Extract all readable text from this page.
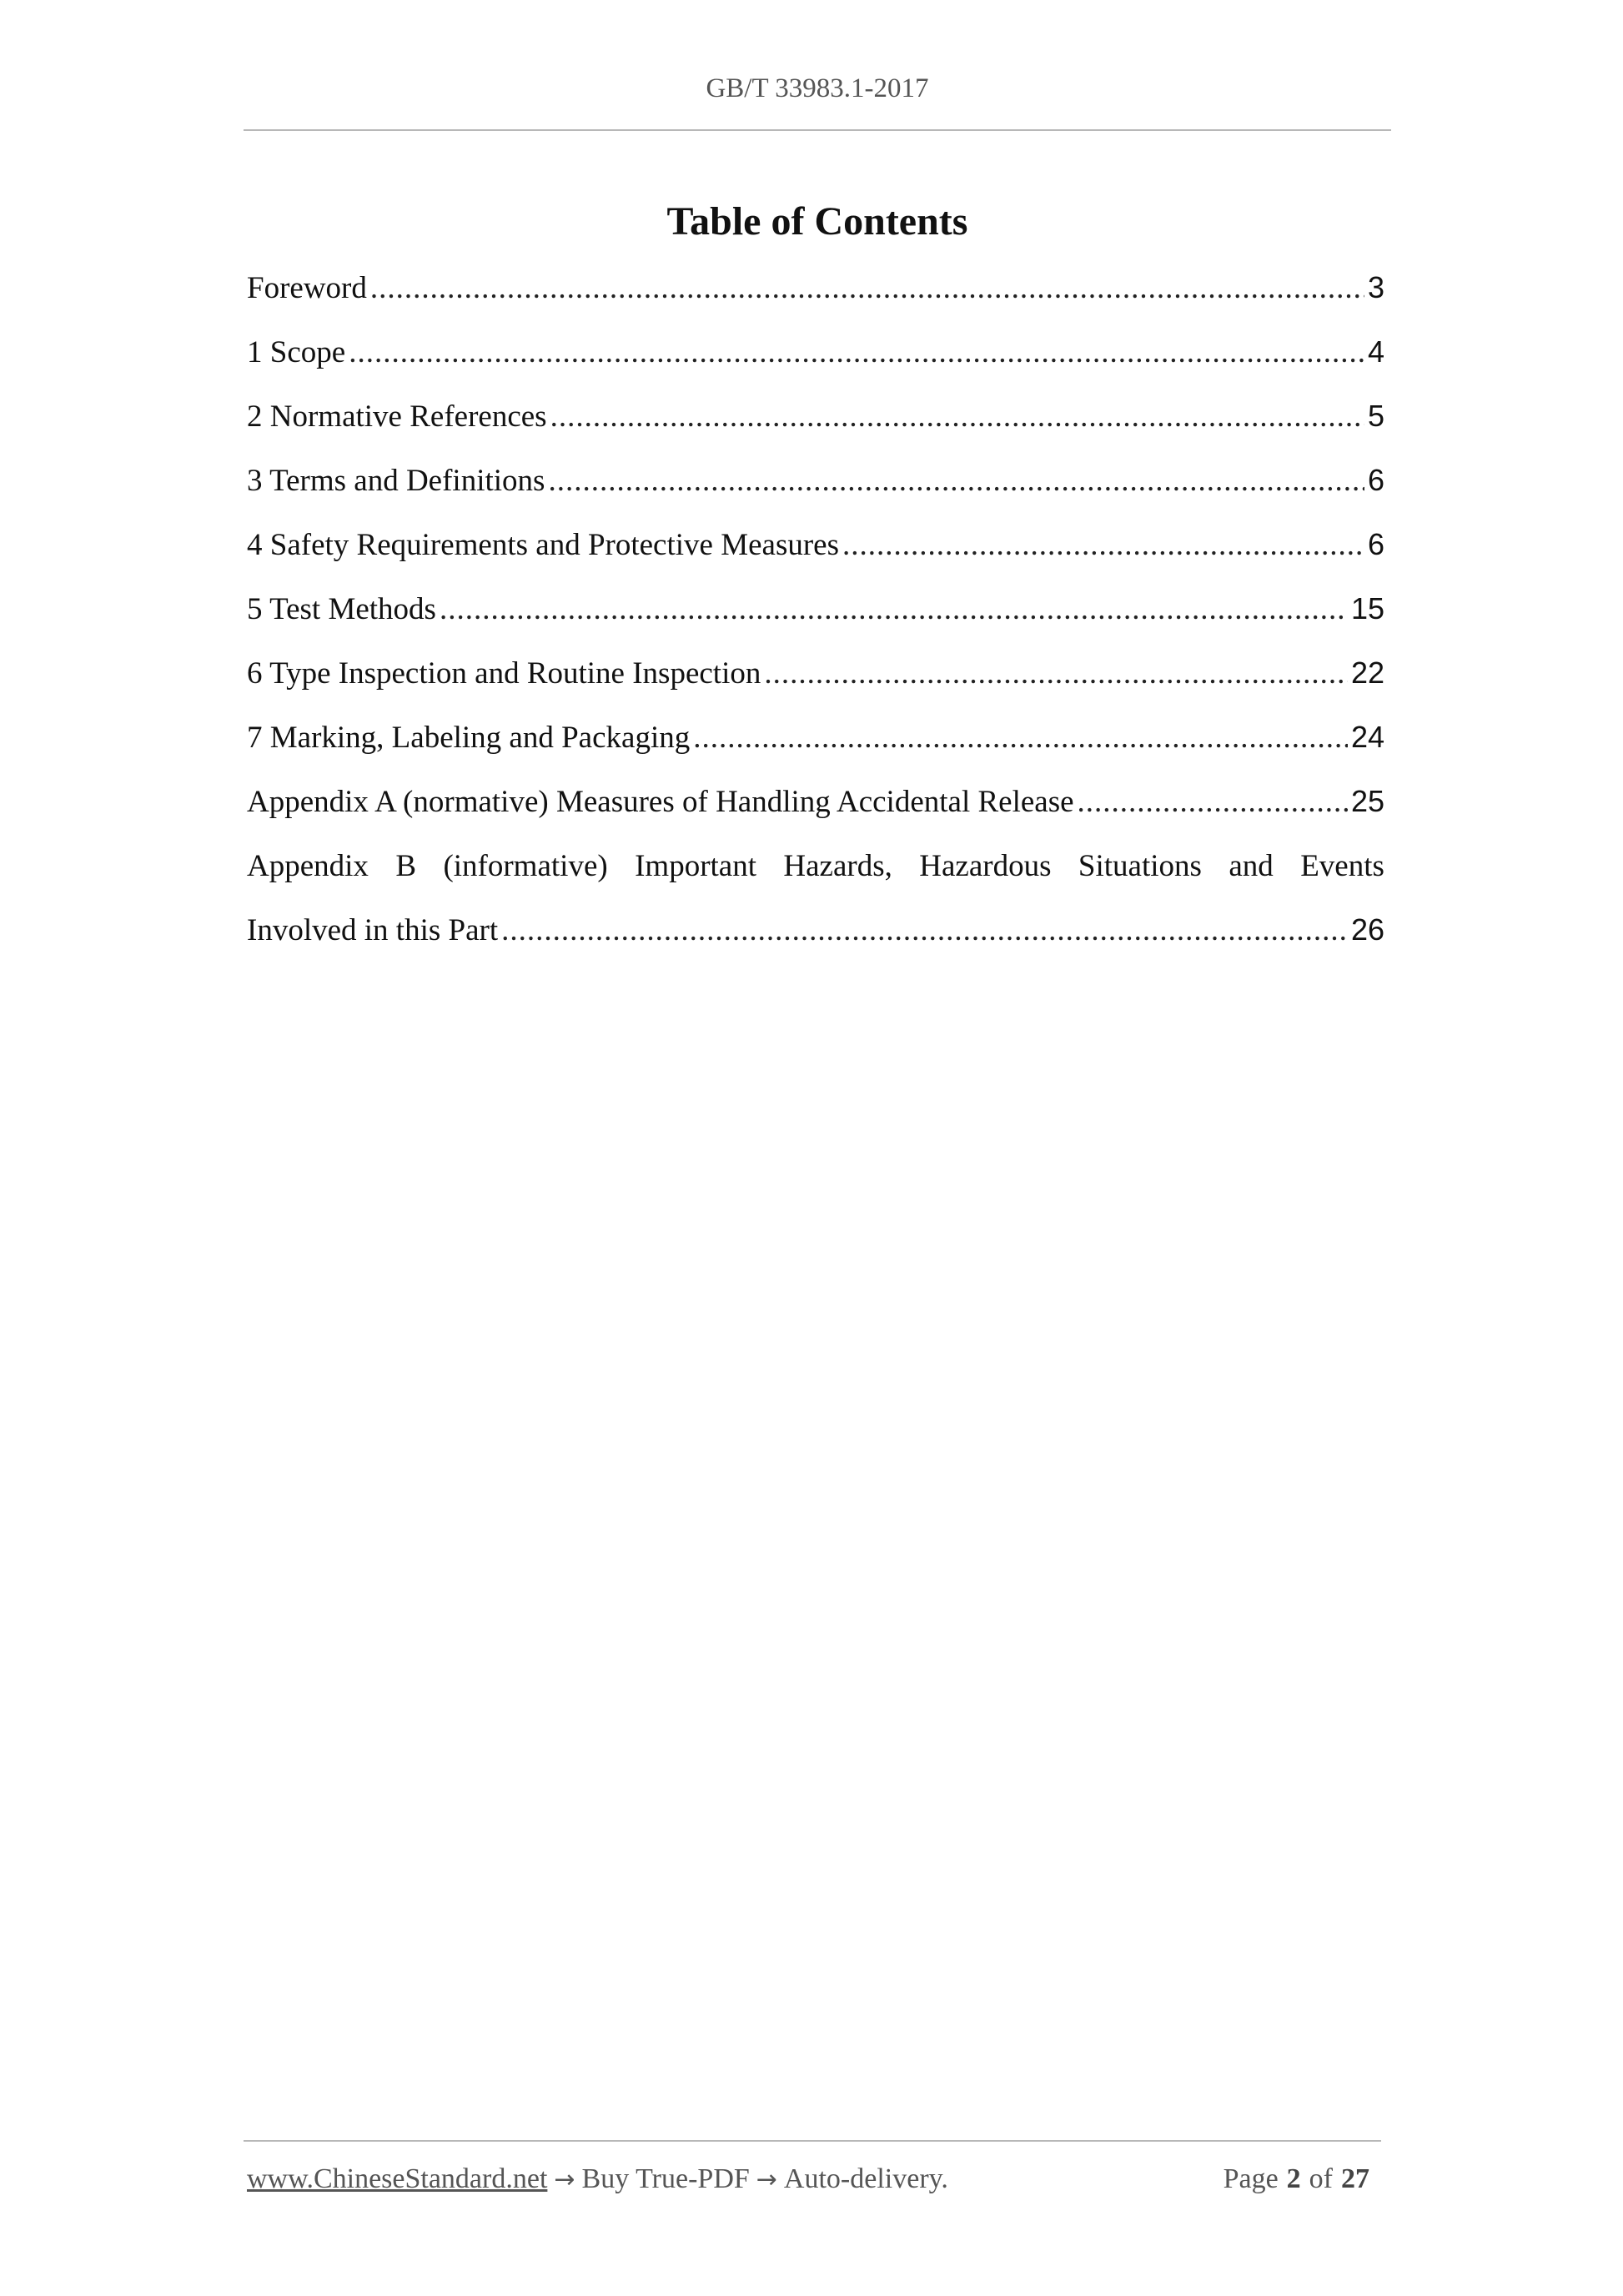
GB/T 33983.1-2017
Table of Contents
Foreword .....	3
1 Scope .....	4
2 Normative References .....	5
3 Terms and Definitions .....	6
4 Safety Requirements and Protective Measures .....	6
5 Test Methods .....	15
6 Type Inspection and Routine Inspection .....	22
7 Marking, Labeling and Packaging .....	24
Appendix A (normative) Measures of Handling Accidental Release .....	25
Appendix B (informative) Important Hazards, Hazardous Situations and Events
Involved in this Part .....	26
www.ChineseStandard.net → Buy True-PDF → Auto-delivery.	Page 2 of 27
